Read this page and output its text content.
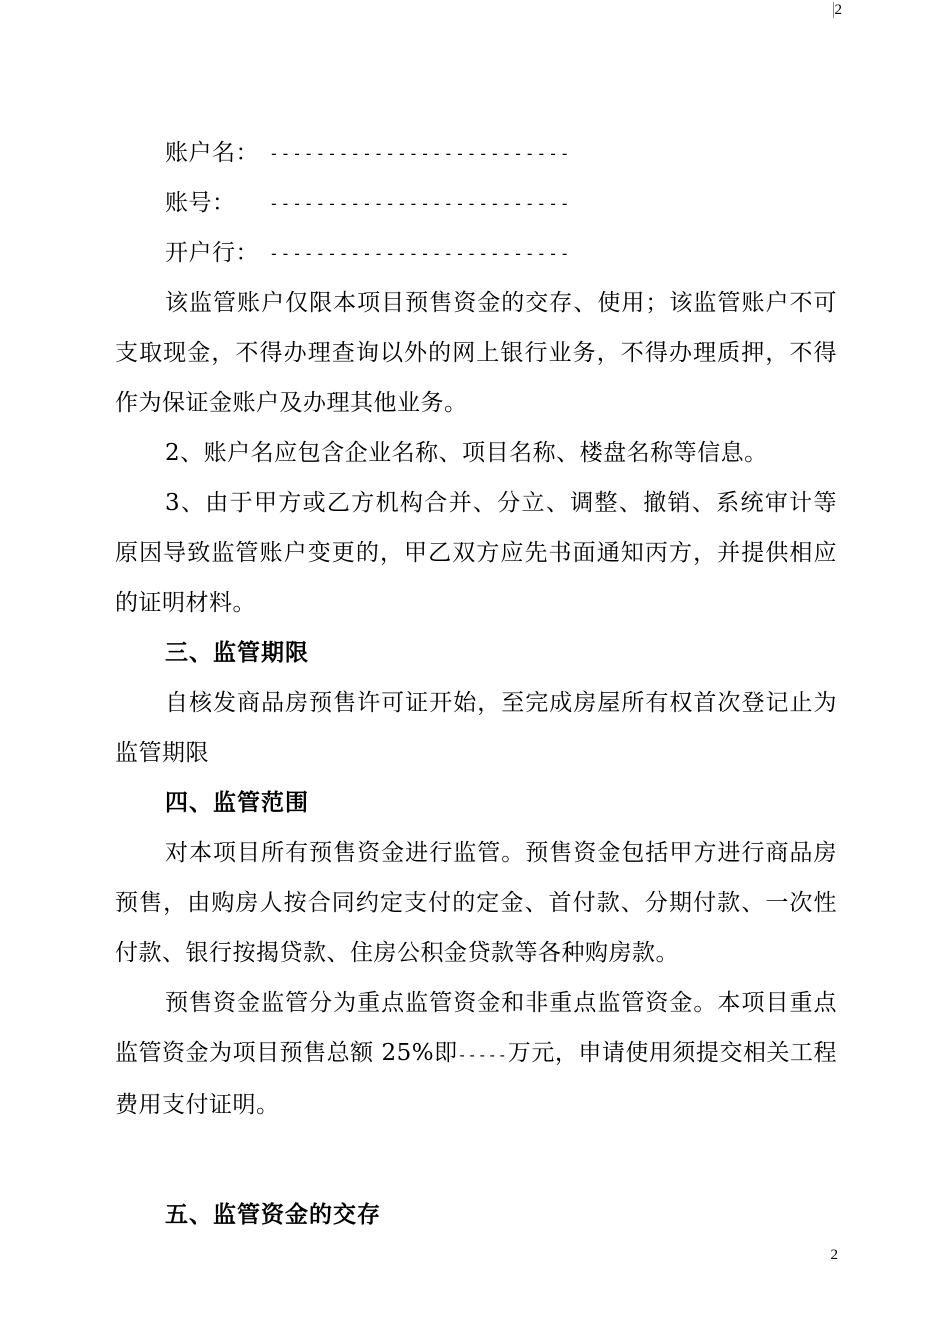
2
账户名： --------------------------
账号： --------------------------
开户行： --------------------------
该监管账户仅限本项目预售资金的交存、使用；该监管账户不可支取现金，不得办理查询以外的网上银行业务，不得办理质押，不得作为保证金账户及办理其他业务。
2、账户名应包含企业名称、项目名称、楼盘名称等信息。
3、由于甲方或乙方机构合并、分立、调整、撤销、系统审计等原因导致监管账户变更的，甲乙双方应先书面通知丙方，并提供相应的证明材料。
三、监管期限
自核发商品房预售许可证开始，至完成房屋所有权首次登记止为监管期限
四、监管范围
对本项目所有预售资金进行监管。预售资金包括甲方进行商品房预售，由购房人按合同约定支付的定金、首付款、分期付款、一次性付款、银行按揭贷款、住房公积金贷款等各种购房款。
预售资金监管分为重点监管资金和非重点监管资金。本项目重点监管资金为项目预售总额 25%即-----万元，申请使用须提交相关工程费用支付证明。
五、监管资金的交存
2
